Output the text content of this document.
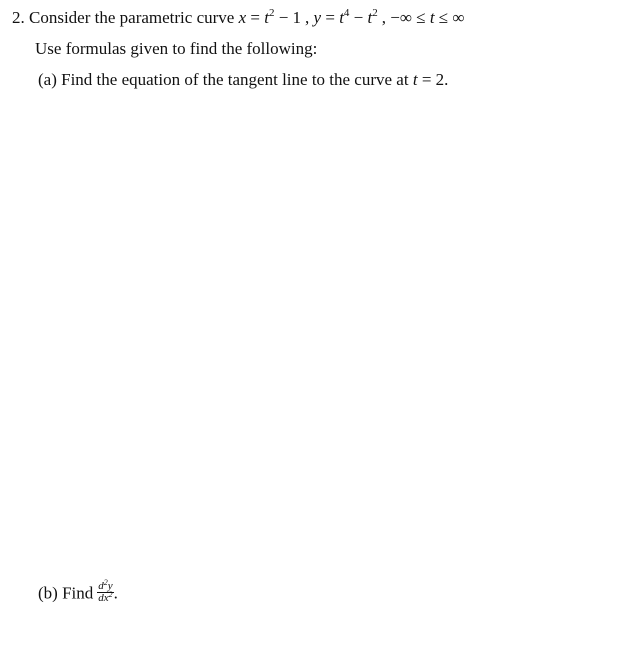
2. Consider the parametric curve $x = t^2 - 1$ , $y = t^4 - t^2$ , −∞ ≤ t ≤ ∞
Use formulas given to find the following:
(a) Find the equation of the tangent line to the curve at t = 2.
(b) Find $\frac{d^2y}{dx^2}$ .
